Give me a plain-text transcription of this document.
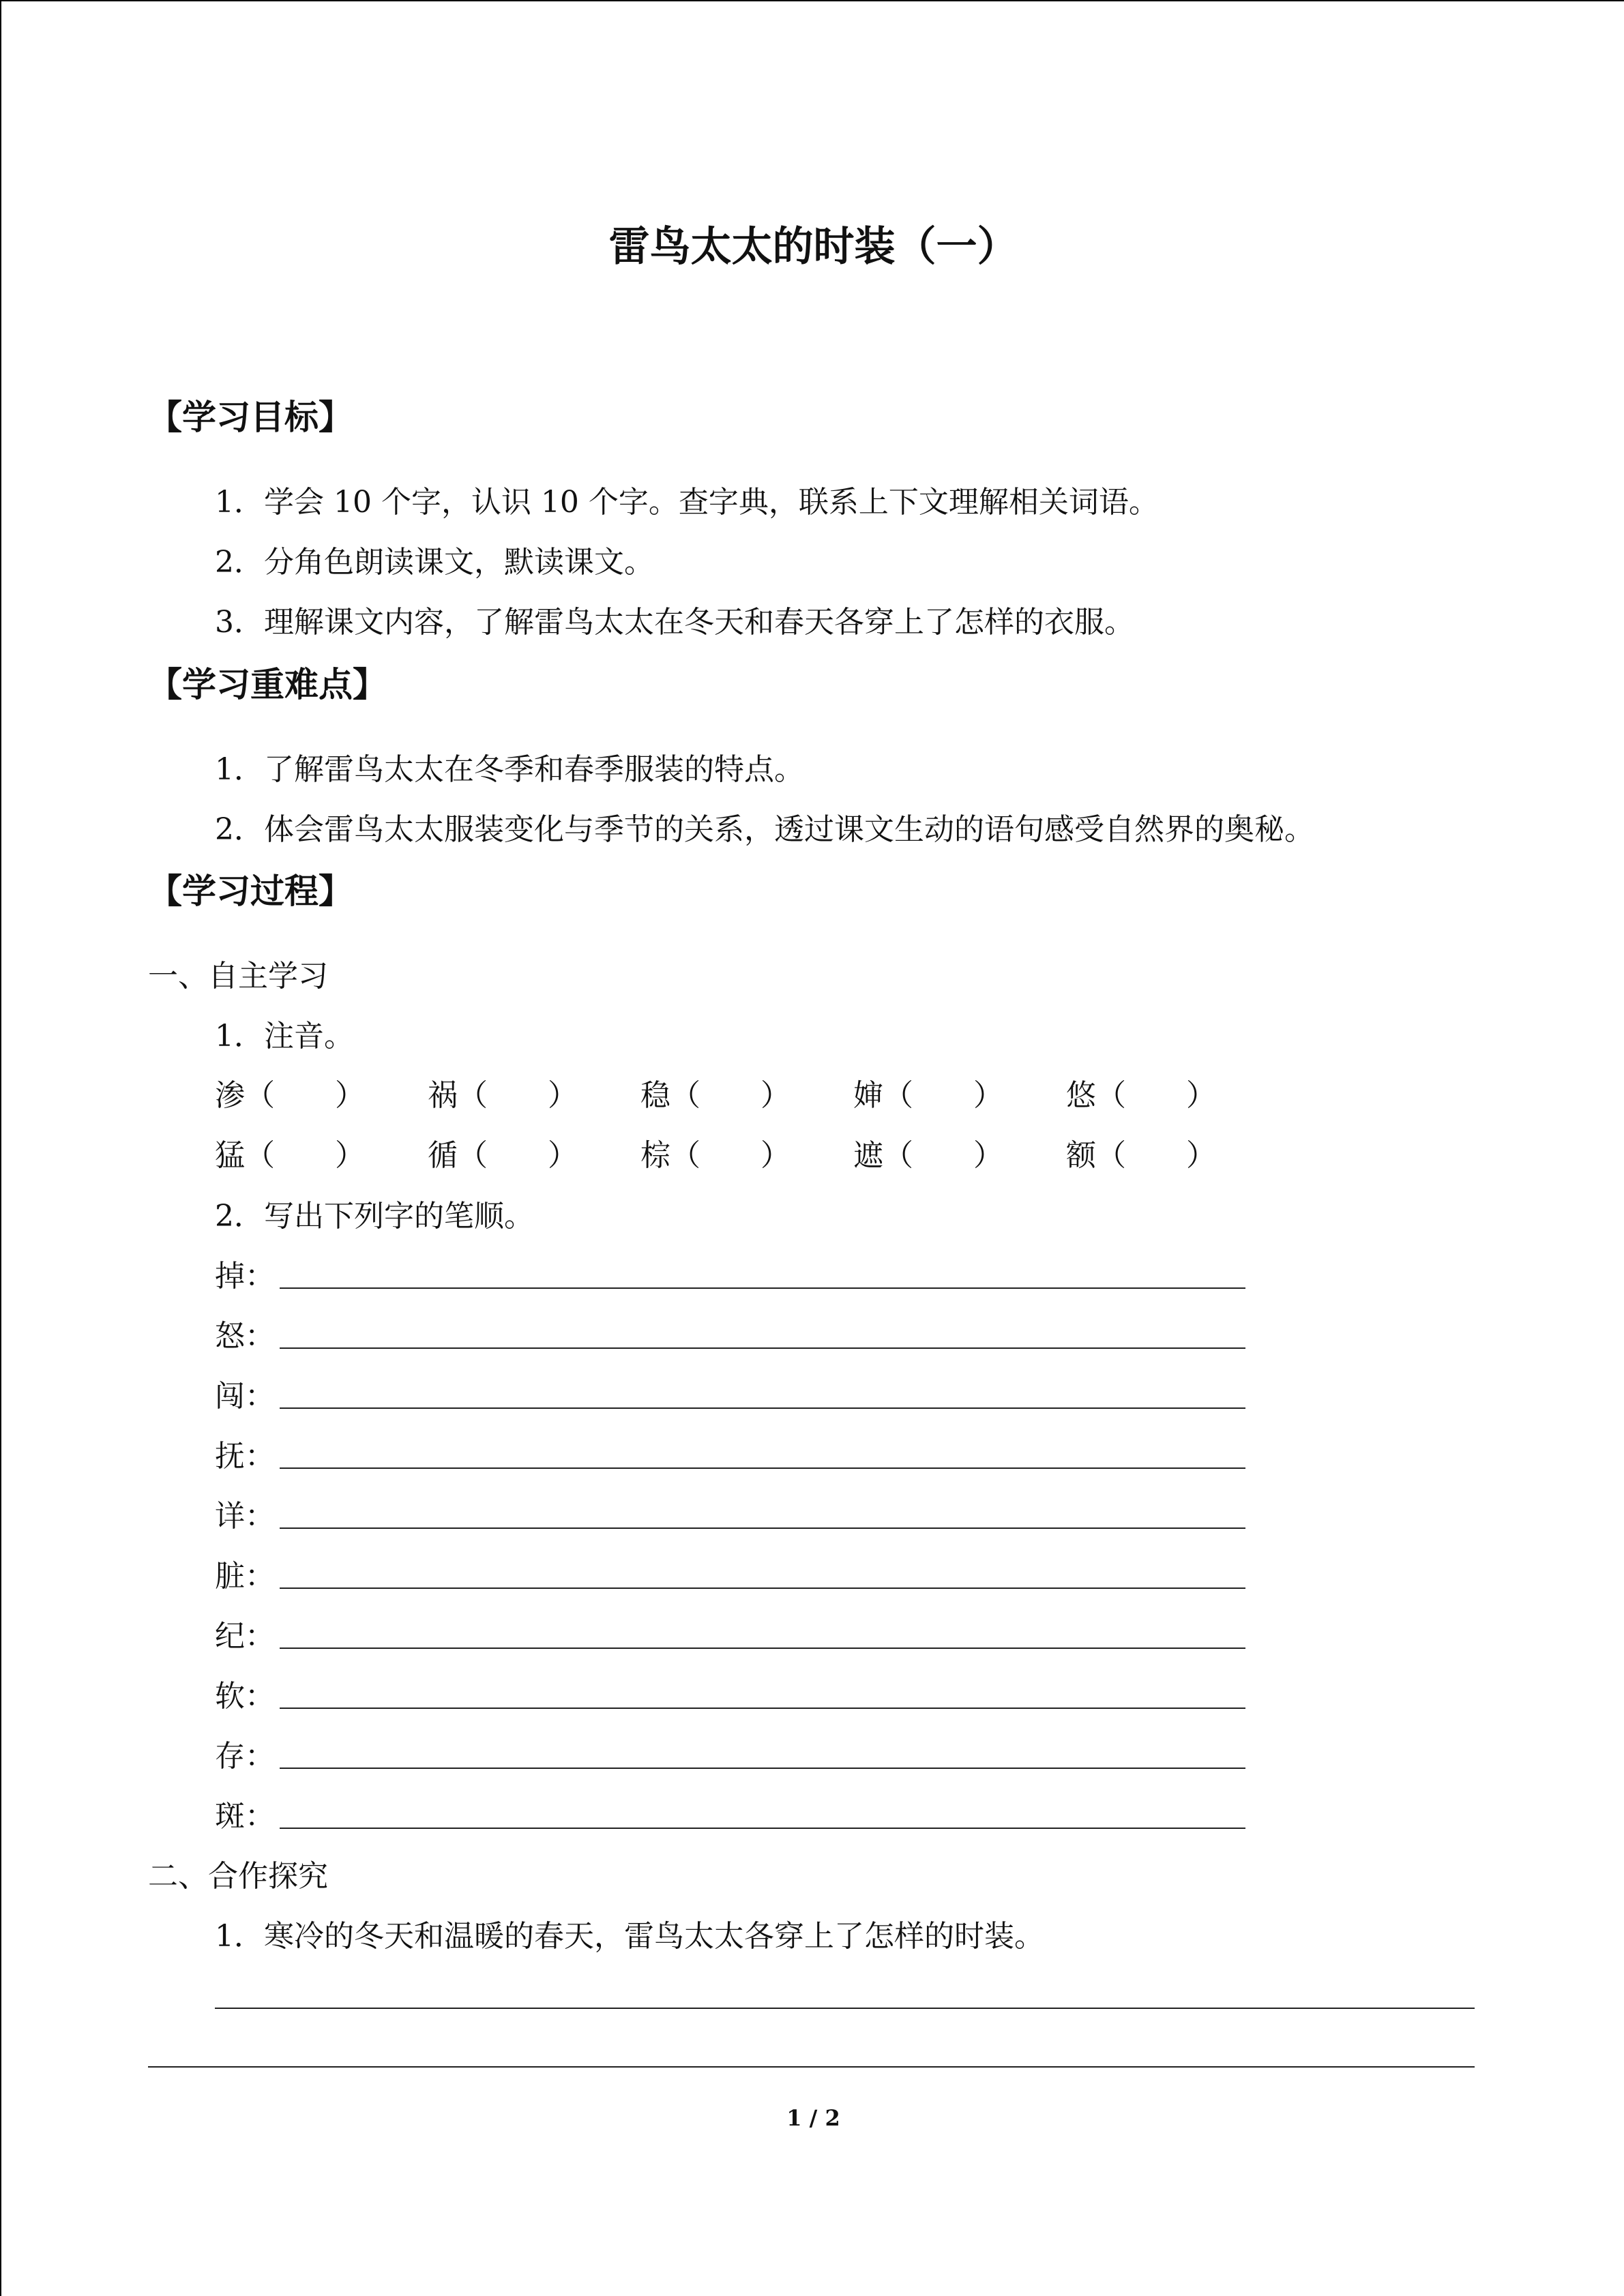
雷鸟太太的时装（一）
【学习目标】
1．学会 10 个字，认识 10 个字。查字典，联系上下文理解相关词语。
2．分角色朗读课文，默读课文。
3．理解课文内容，了解雷鸟太太在冬天和春天各穿上了怎样的衣服。
【学习重难点】
1．了解雷鸟太太在冬季和春季服装的特点。
2．体会雷鸟太太服装变化与季节的关系，透过课文生动的语句感受自然界的奥秘。
【学习过程】
一、自主学习
1．注音。
渗（　　） 祸（　　） 稳（　　） 婶（　　） 悠（　　）
猛（　　） 循（　　） 棕（　　） 遮（　　） 额（　　）
2．写出下列字的笔顺。
掉：
怒：
闯：
抚：
详：
脏：
纪：
软：
存：
斑：
二、合作探究
1．寒冷的冬天和温暖的春天，雷鸟太太各穿上了怎样的时装。
1 / 2
